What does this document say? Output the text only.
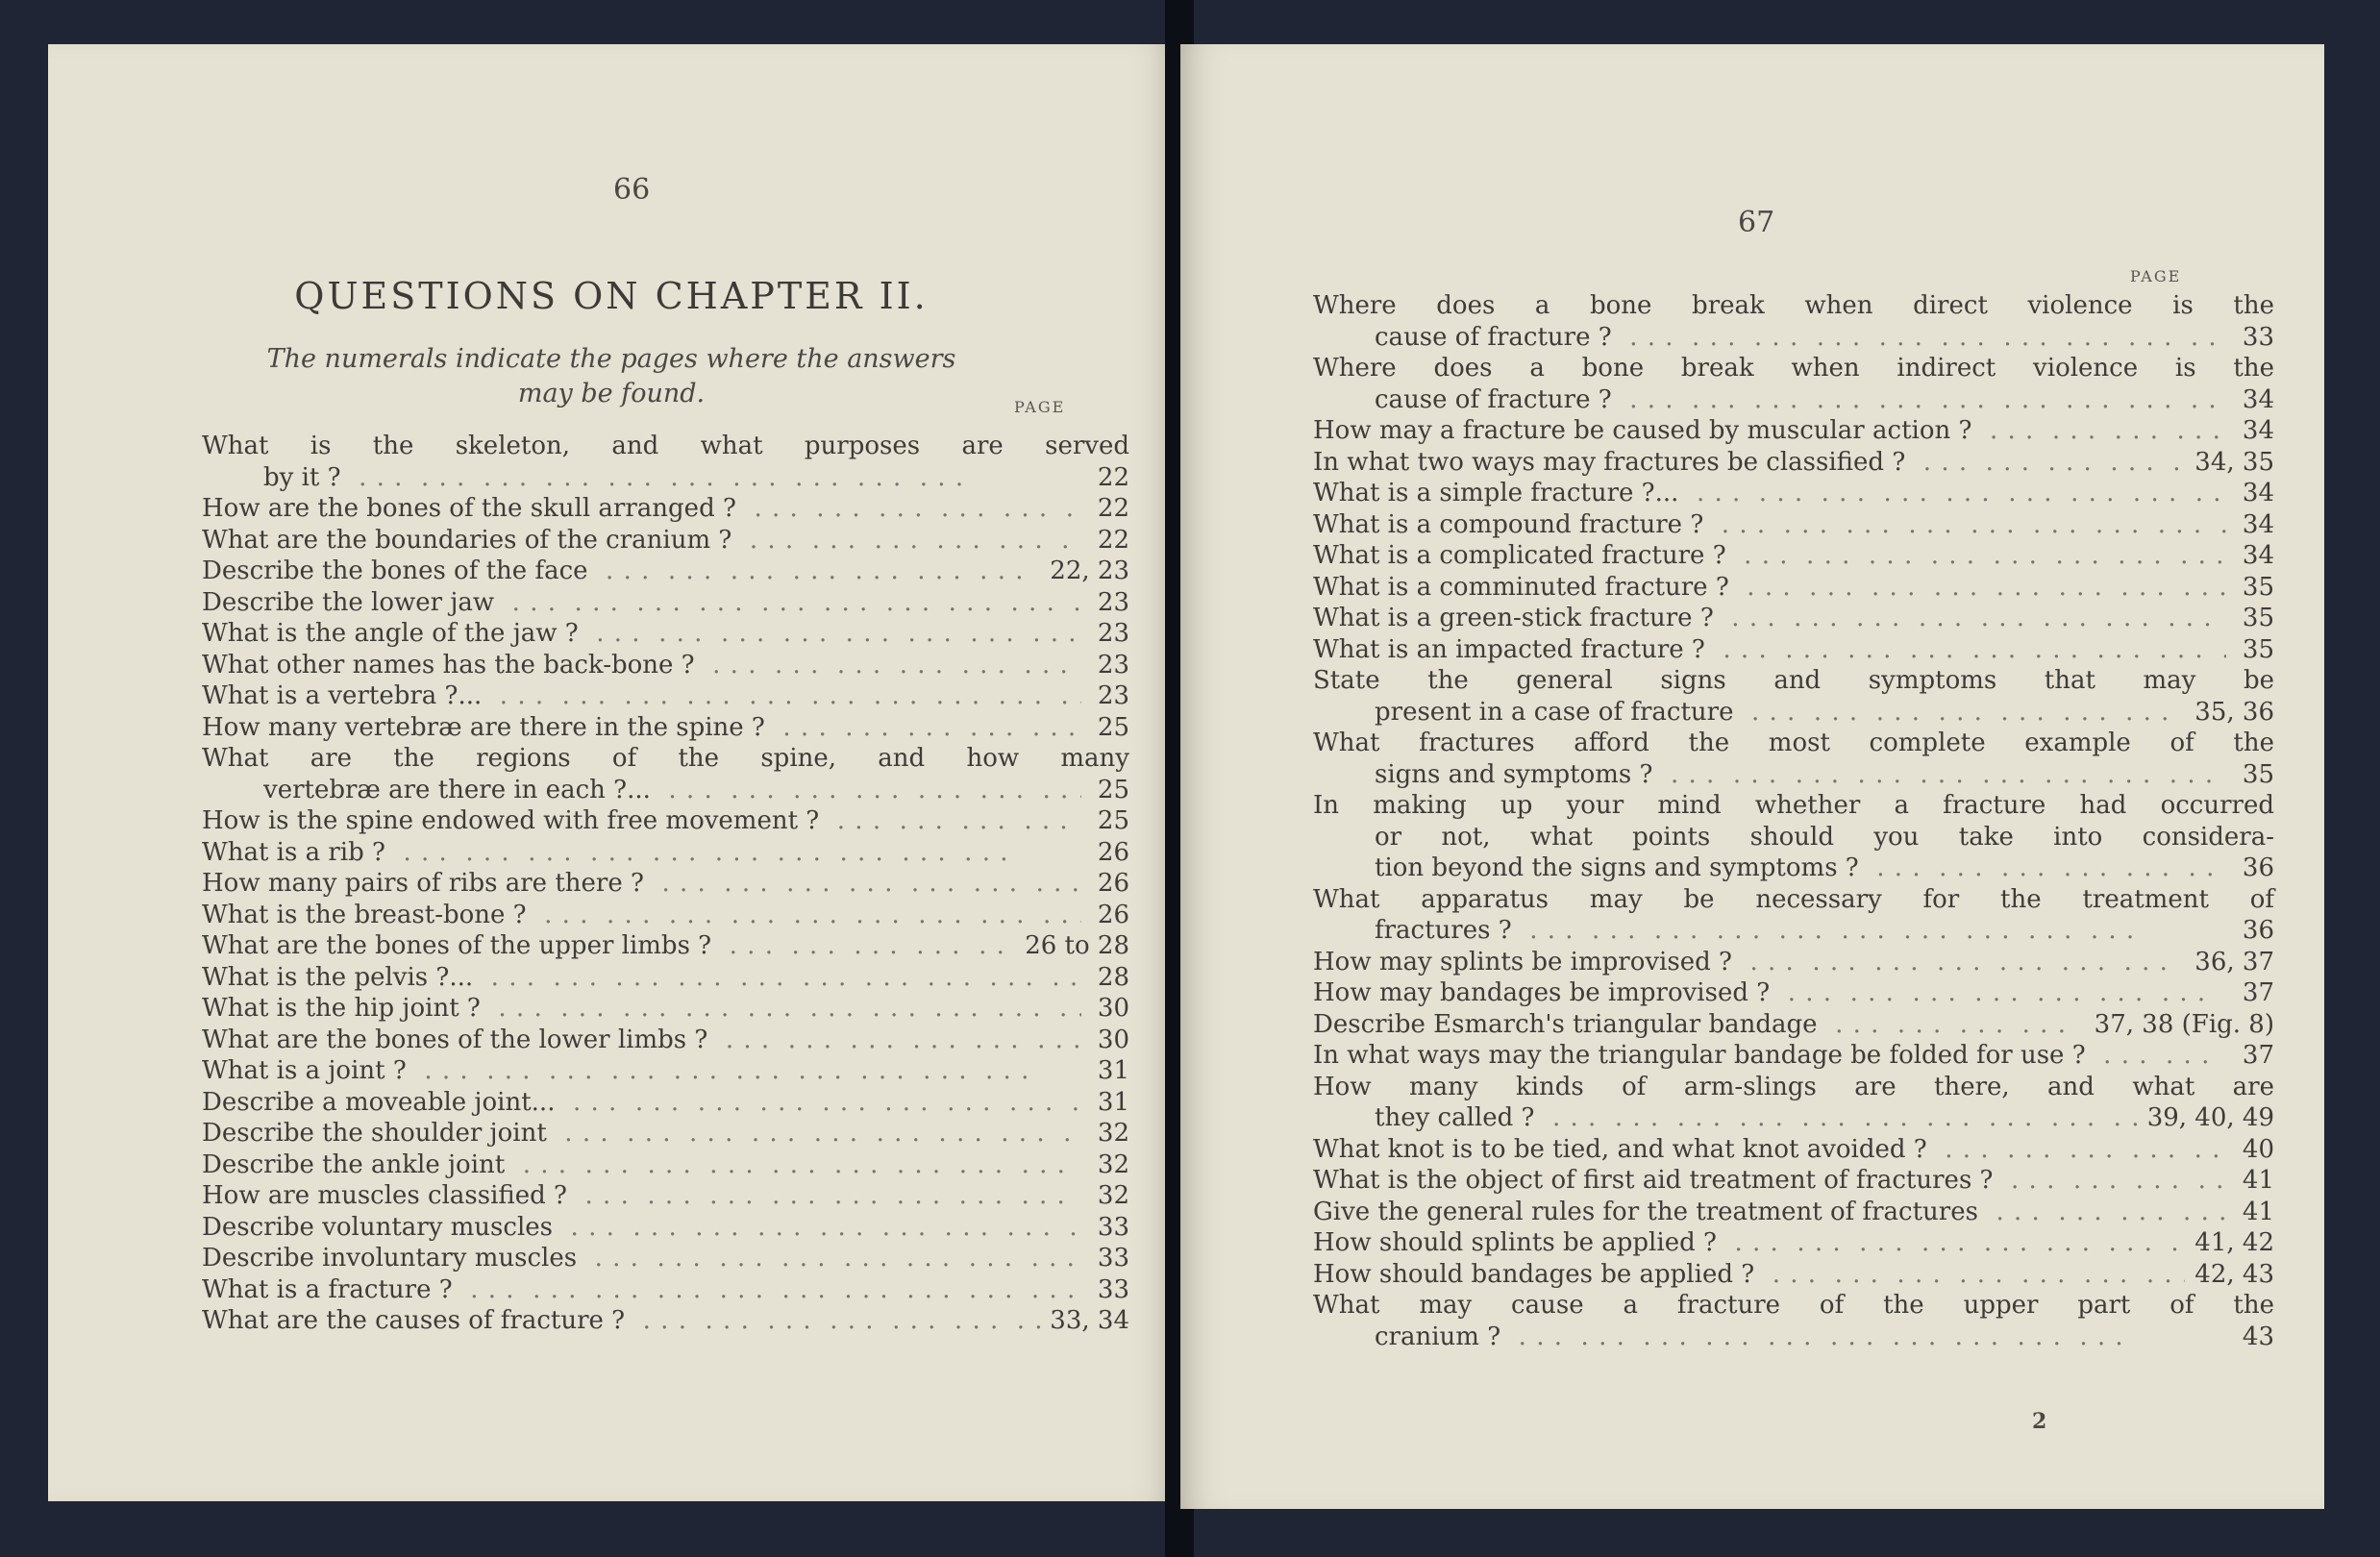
66
QUESTIONS ON CHAPTER II.
The numerals indicate the pages where the answers may be found.	PAGE
What is the skeleton, and what purposes are served
by it ? . . .	22
How are the bones of the skull arranged ? . . .	22
What are the boundaries of the cranium ? . . .	22
Describe the bones of the face . . .	22, 23
Describe the lower jaw . . .	23
What is the angle of the jaw ? . . .	23
What other names has the back-bone ? . . .	23
What is a vertebra ?... . . .	23
How many vertebræ are there in the spine ? . . .	25
What are the regions of the spine, and how many
vertebræ are there in each ?... . . .	25
How is the spine endowed with free movement ? . . .	25
What is a rib ? . . .	26
How many pairs of ribs are there ? . . .	26
What is the breast-bone ? . . .	26
What are the bones of the upper limbs ? . . .	26 to 28
What is the pelvis ?... . . .	28
What is the hip joint ? . . .	30
What are the bones of the lower limbs ? . . .	30
What is a joint ? . . .	31
Describe a moveable joint... . . .	31
Describe the shoulder joint . . .	32
Describe the ankle joint . . .	32
How are muscles classified ? . . .	32
Describe voluntary muscles . . .	33
Describe involuntary muscles . . .	33
What is a fracture ? . . .	33
What are the causes of fracture ? . . .	33, 34
67
PAGE
Where does a bone break when direct violence is the
cause of fracture ? . . .	33
Where does a bone break when indirect violence is the
cause of fracture ? . . .	34
How may a fracture be caused by muscular action ? . . .	34
In what two ways may fractures be classified ? . . .	34, 35
What is a simple fracture ?... . . .	34
What is a compound fracture ? . . .	34
What is a complicated fracture ? . . .	34
What is a comminuted fracture ? . . .	35
What is a green-stick fracture ? . . .	35
What is an impacted fracture ? . . .	35
State the general signs and symptoms that may be
present in a case of fracture . . .	35, 36
What fractures afford the most complete example of the
signs and symptoms ? . . .	35
In making up your mind whether a fracture had occurred
or not, what points should you take into considera-
tion beyond the signs and symptoms ? . . .	36
What apparatus may be necessary for the treatment of
fractures ? . . .	36
How may splints be improvised ? . . .	36, 37
How may bandages be improvised ? . . .	37
Describe Esmarch's triangular bandage . . .	37, 38 (Fig. 8)
In what ways may the triangular bandage be folded for use ? . . .	37
How many kinds of arm-slings are there, and what are
they called ? . . .	39, 40, 49
What knot is to be tied, and what knot avoided ? . . .	40
What is the object of first aid treatment of fractures ? . . .	41
Give the general rules for the treatment of fractures . . .	41
How should splints be applied ? . . .	41, 42
How should bandages be applied ? . . .	42, 43
What may cause a fracture of the upper part of the
cranium ? . . .	43
2
